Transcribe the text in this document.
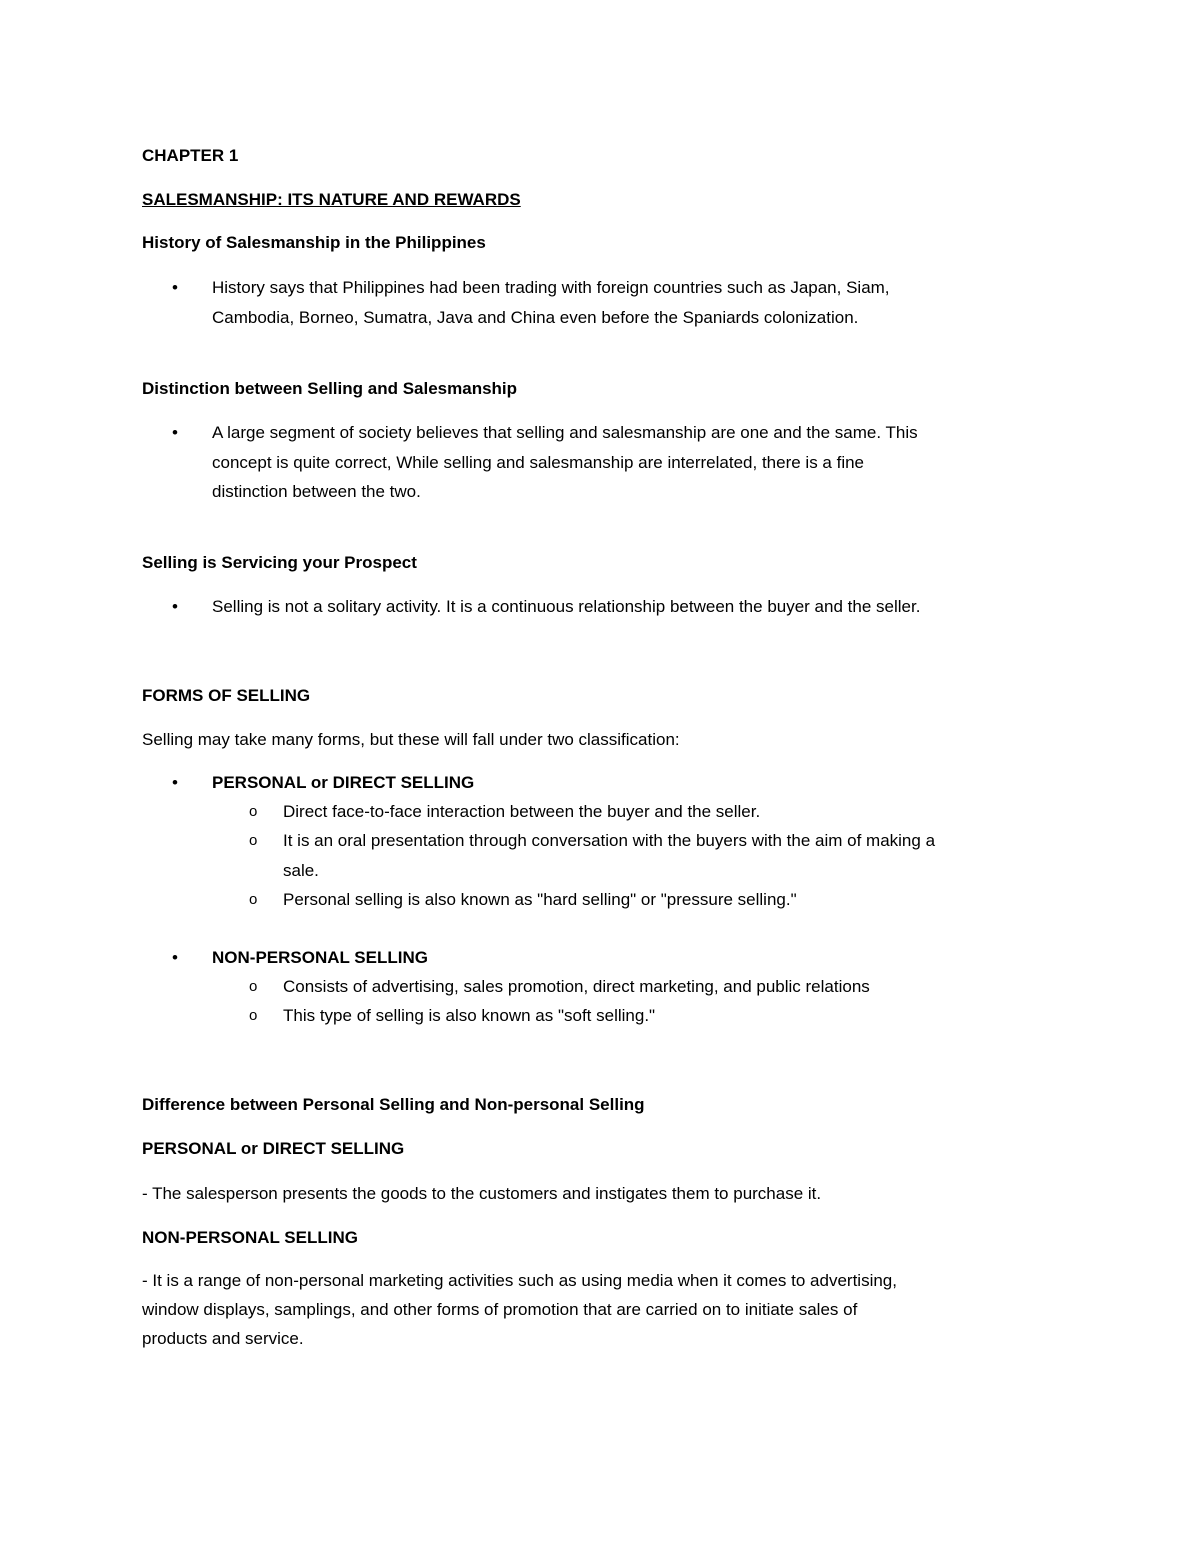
CHAPTER 1
SALESMANSHIP: ITS NATURE AND REWARDS
History of Salesmanship in the Philippines
• History says that Philippines had been trading with foreign countries such as Japan, Siam,
Cambodia, Borneo, Sumatra, Java and China even before the Spaniards colonization.
Distinction between Selling and Salesmanship
• A large segment of society believes that selling and salesmanship are one and the same. This
concept is quite correct, While selling and salesmanship are interrelated, there is a fine
distinction between the two.
Selling is Servicing your Prospect
• Selling is not a solitary activity. It is a continuous relationship between the buyer and the seller.
FORMS OF SELLING
Selling may take many forms, but these will fall under two classification:
• PERSONAL or DIRECT SELLING
o Direct face-to-face interaction between the buyer and the seller.
o It is an oral presentation through conversation with the buyers with the aim of making a
sale.
o Personal selling is also known as "hard selling" or "pressure selling."
• NON-PERSONAL SELLING
o Consists of advertising, sales promotion, direct marketing, and public relations
o This type of selling is also known as "soft selling."
Difference between Personal Selling and Non-personal Selling
PERSONAL or DIRECT SELLING
- The salesperson presents the goods to the customers and instigates them to purchase it.
NON-PERSONAL SELLING
- It is a range of non-personal marketing activities such as using media when it comes to advertising,
window displays, samplings, and other forms of promotion that are carried on to initiate sales of
products and service.
